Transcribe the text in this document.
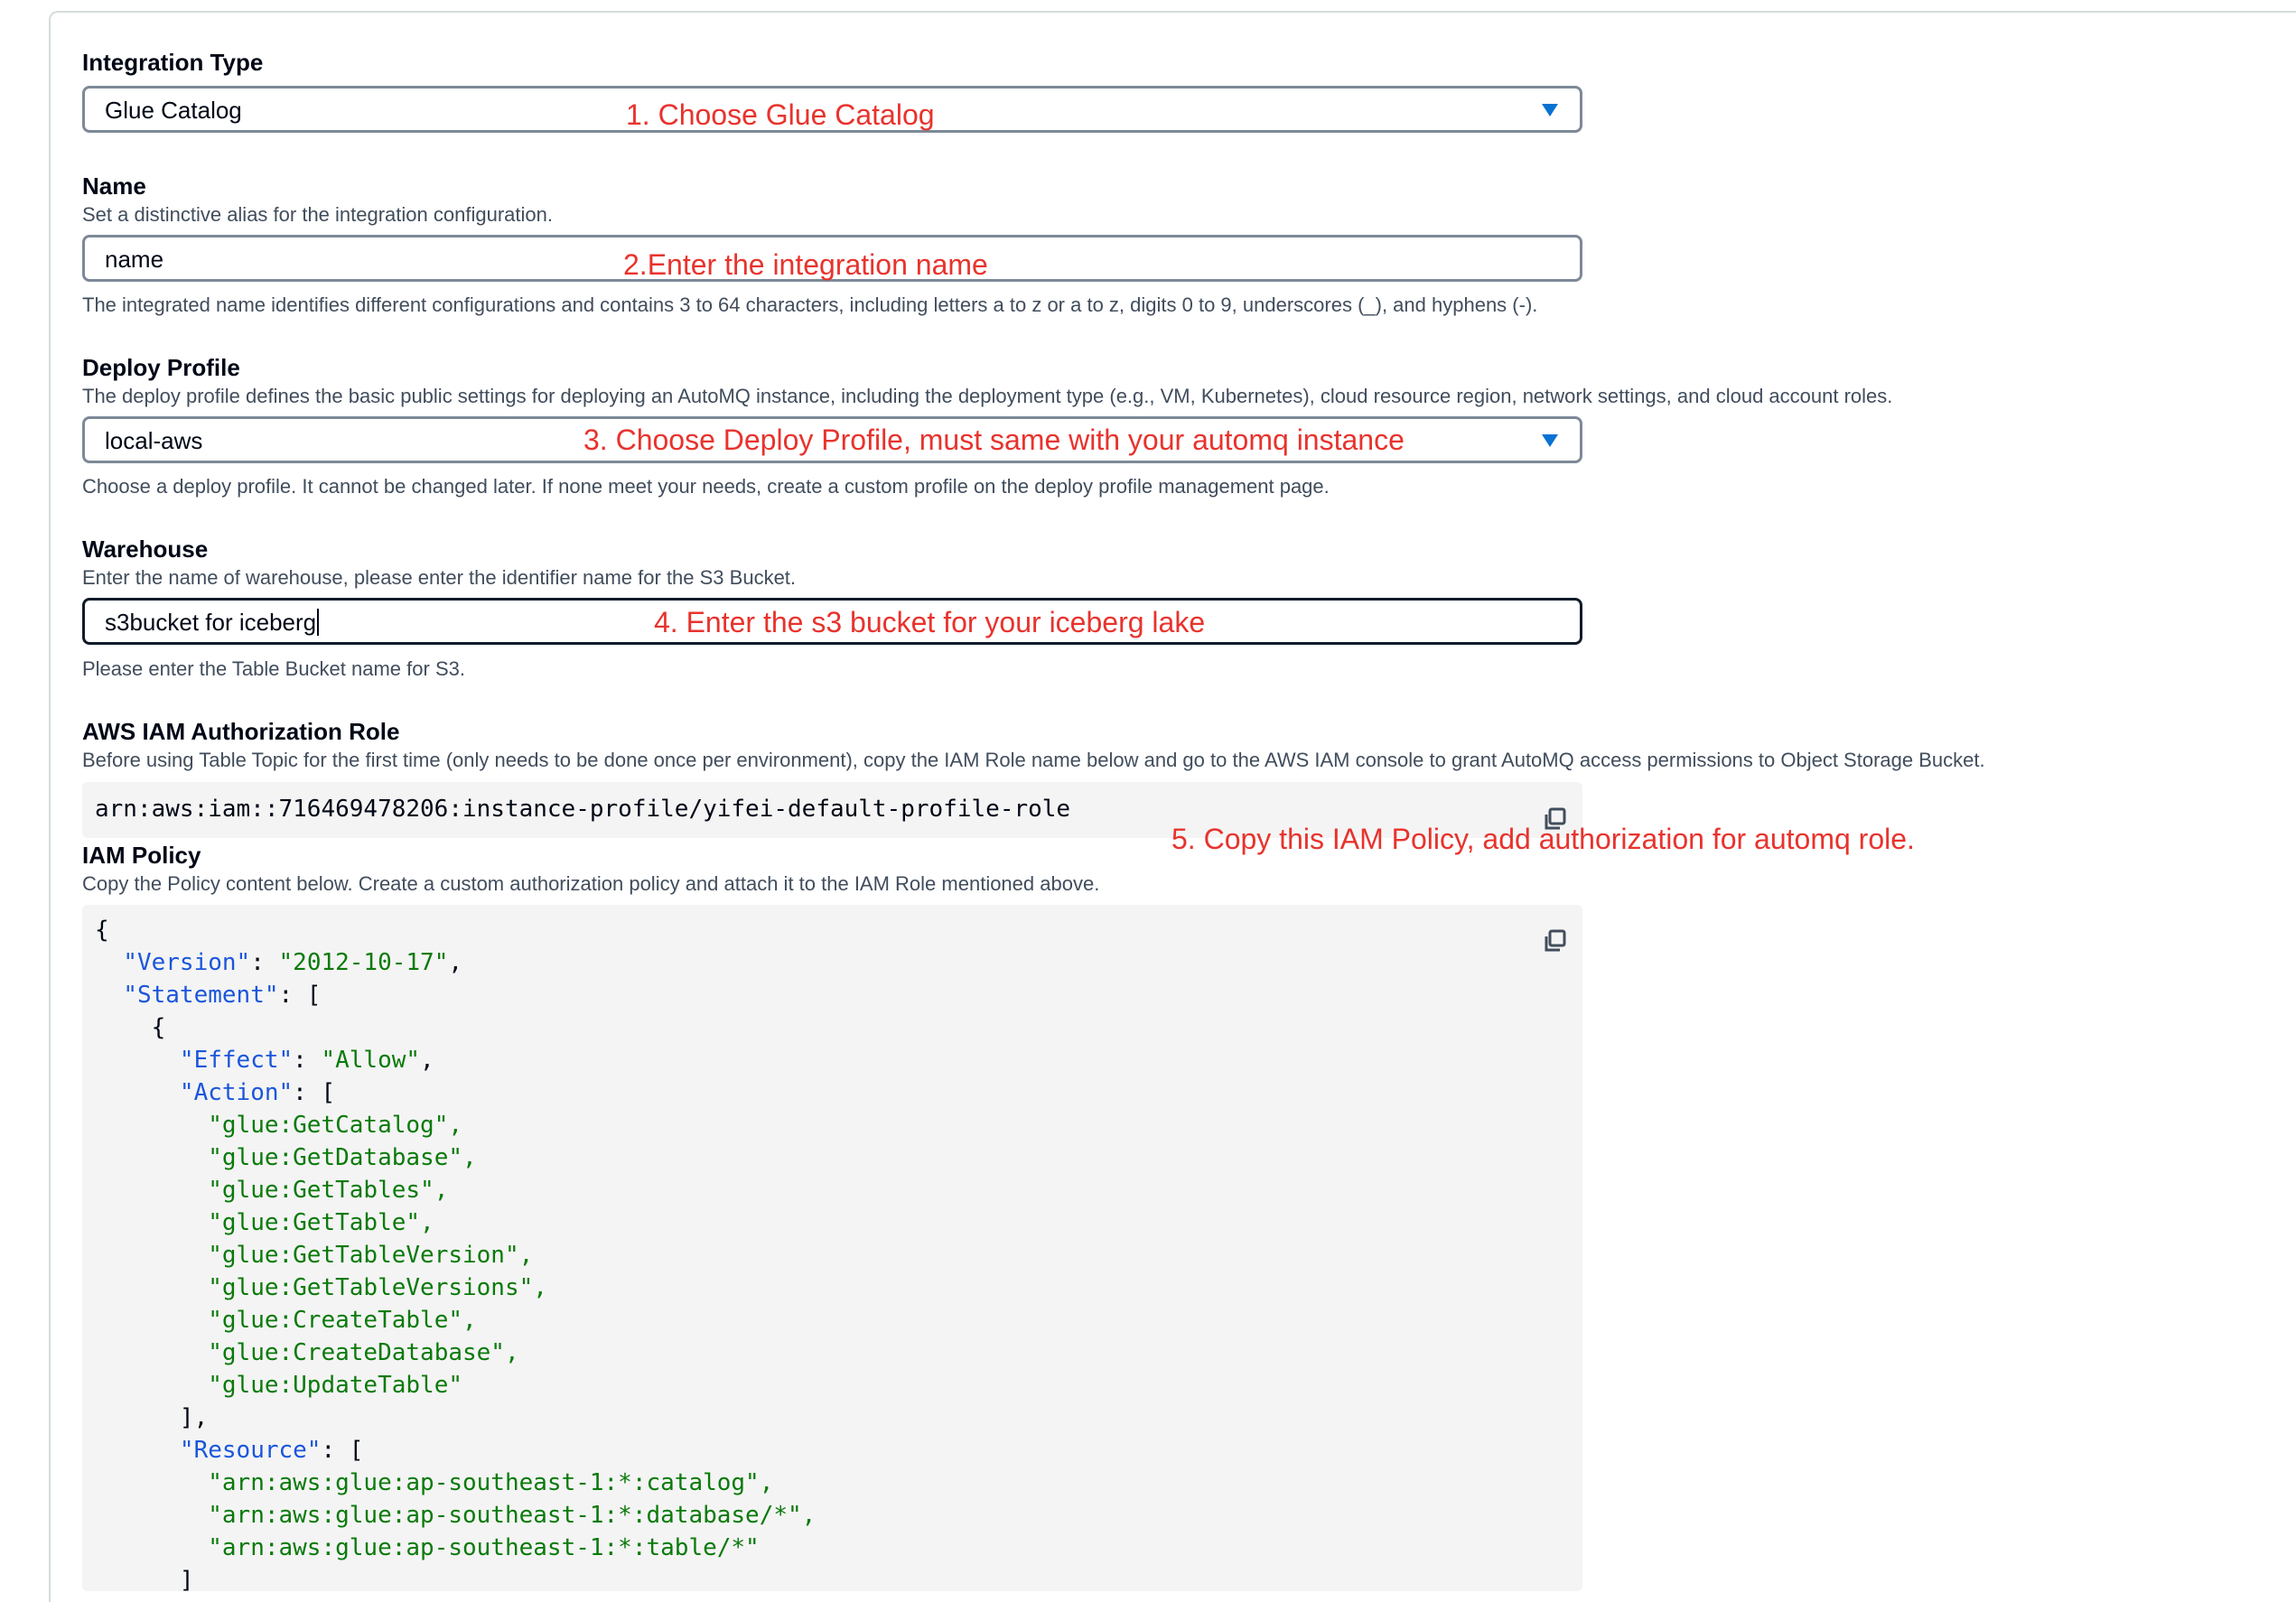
Integration Type
Glue Catalog	1. Choose Glue Catalog
Name
Set a distinctive alias for the integration configuration.
name	2.Enter the integration name
The integrated name identifies different configurations and contains 3 to 64 characters, including letters a to z or a to z, digits 0 to 9, underscores (_), and hyphens (-).
Deploy Profile
The deploy profile defines the basic public settings for deploying an AutoMQ instance, including the deployment type (e.g., VM, Kubernetes), cloud resource region, network settings, and cloud account roles.
local-aws	3. Choose Deploy Profile, must same with your automq instance
Choose a deploy profile. It cannot be changed later. If none meet your needs, create a custom profile on the deploy profile management page.
Warehouse
Enter the name of warehouse, please enter the identifier name for the S3 Bucket.
s3bucket for iceberg	4. Enter the s3 bucket for your iceberg lake
Please enter the Table Bucket name for S3.
AWS IAM Authorization Role
Before using Table Topic for the first time (only needs to be done once per environment), copy the IAM Role name below and go to the AWS IAM console to grant AutoMQ access permissions to Object Storage Bucket.
arn:aws:iam::716469478206:instance-profile/yifei-default-profile-role
5. Copy this IAM Policy, add authorization for automq role.
IAM Policy
Copy the Policy content below. Create a custom authorization policy and attach it to the IAM Role mentioned above.
{
"Version": "2012-10-17",
"Statement": [
{
"Effect": "Allow",
"Action": [
"glue:GetCatalog",
"glue:GetDatabase",
"glue:GetTables",
"glue:GetTable",
"glue:GetTableVersion",
"glue:GetTableVersions",
"glue:CreateTable",
"glue:CreateDatabase",
"glue:UpdateTable"
],
"Resource": [
"arn:aws:glue:ap-southeast-1:*:catalog",
"arn:aws:glue:ap-southeast-1:*:database/*",
"arn:aws:glue:ap-southeast-1:*:table/*"
]
